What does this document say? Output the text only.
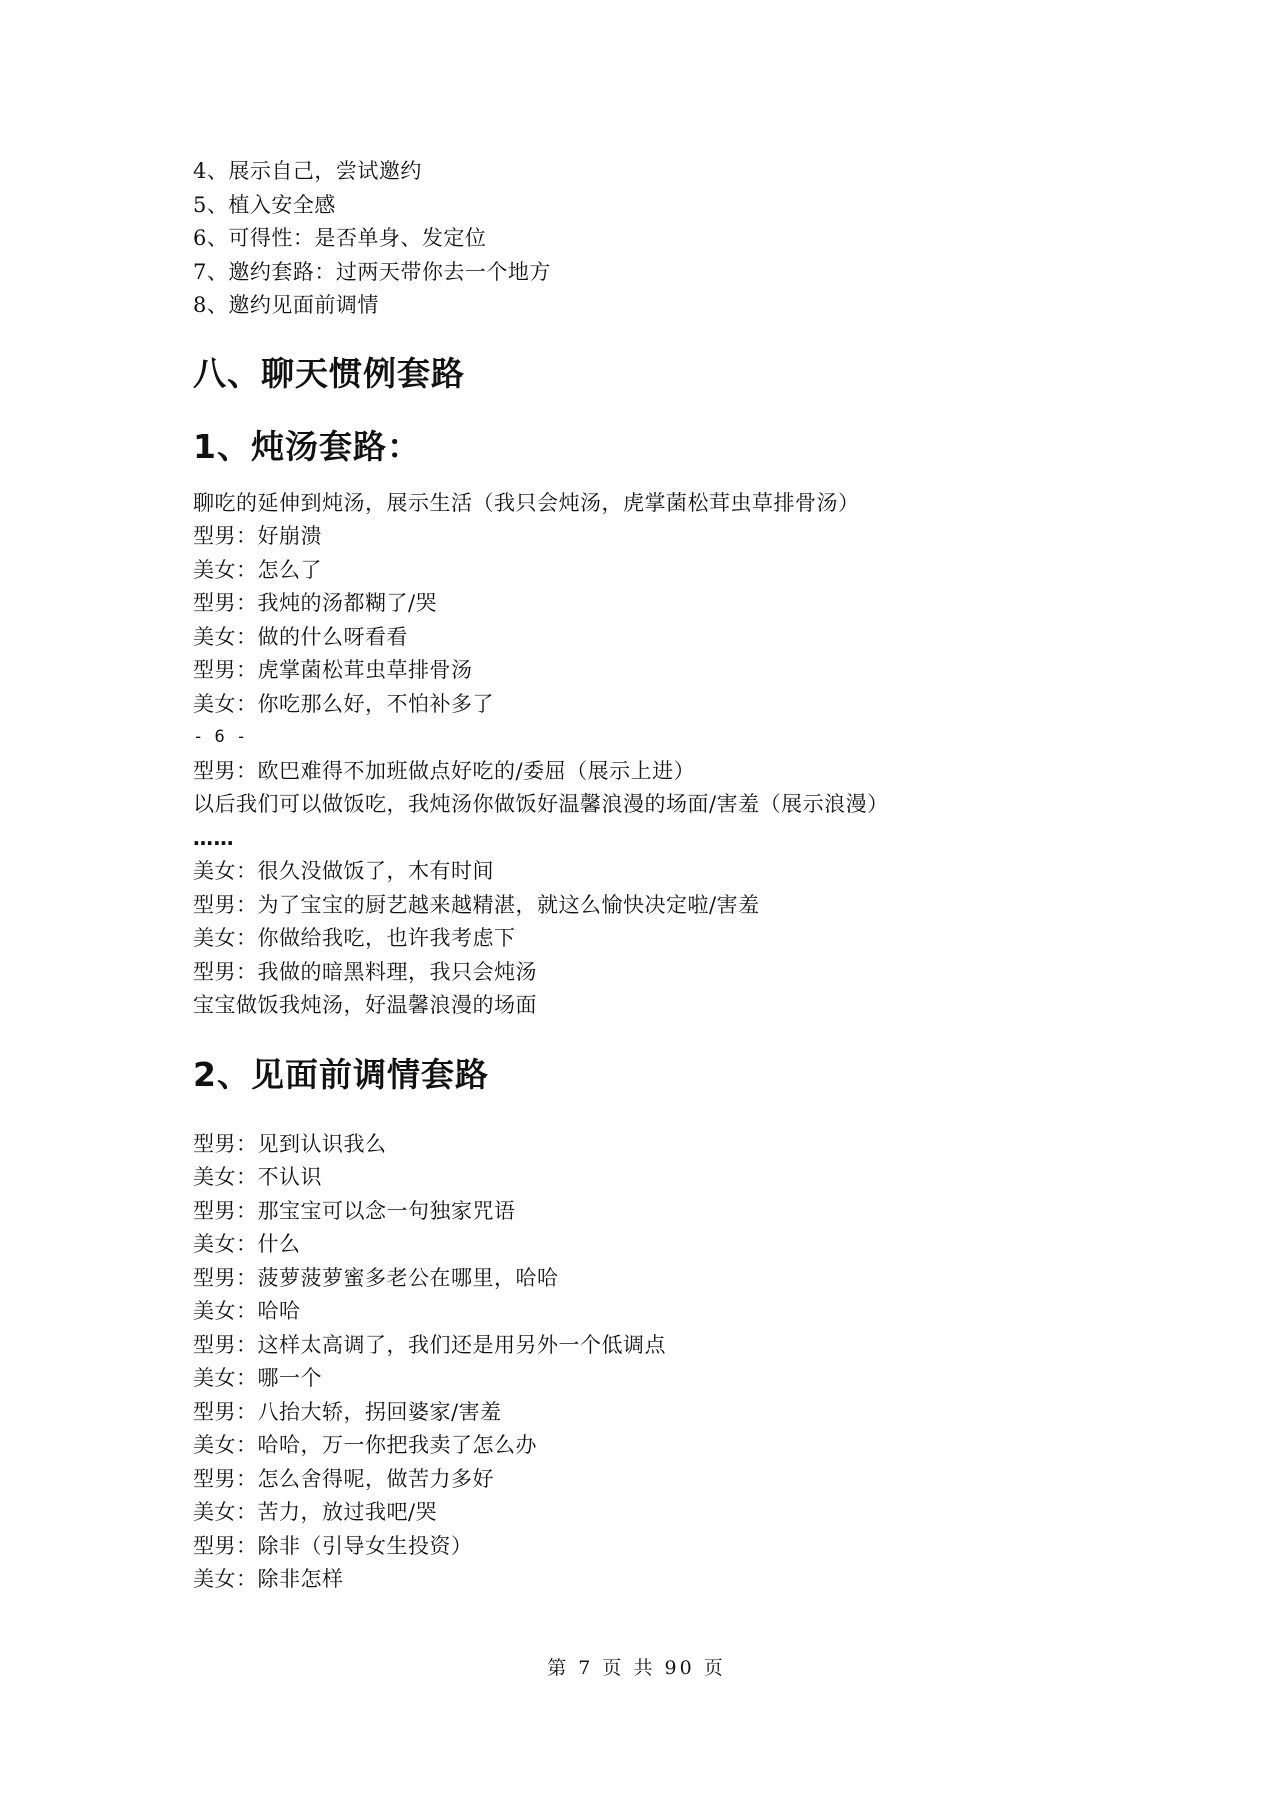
4、展示自己，尝试邀约
5、植入安全感
6、可得性：是否单身、发定位
7、邀约套路：过两天带你去一个地方
8、邀约见面前调情
八、聊天惯例套路
1、炖汤套路：
聊吃的延伸到炖汤，展示生活（我只会炖汤，虎掌菌松茸虫草排骨汤）
型男：好崩溃
美女：怎么了
型男：我炖的汤都糊了/哭
美女：做的什么呀看看
型男：虎掌菌松茸虫草排骨汤
美女：你吃那么好，不怕补多了
- 6 -
型男：欧巴难得不加班做点好吃的/委屈（展示上进）
以后我们可以做饭吃，我炖汤你做饭好温馨浪漫的场面/害羞（展示浪漫）
……
美女：很久没做饭了，木有时间
型男：为了宝宝的厨艺越来越精湛，就这么愉快决定啦/害羞
美女：你做给我吃，也许我考虑下
型男：我做的暗黑料理，我只会炖汤
宝宝做饭我炖汤，好温馨浪漫的场面
2、见面前调情套路
型男：见到认识我么
美女：不认识
型男：那宝宝可以念一句独家咒语
美女：什么
型男：菠萝菠萝蜜多老公在哪里，哈哈
美女：哈哈
型男：这样太高调了，我们还是用另外一个低调点
美女：哪一个
型男：八抬大轿，拐回婆家/害羞
美女：哈哈，万一你把我卖了怎么办
型男：怎么舍得呢，做苦力多好
美女：苦力，放过我吧/哭
型男：除非（引导女生投资）
美女：除非怎样
第 7 页 共 90 页
